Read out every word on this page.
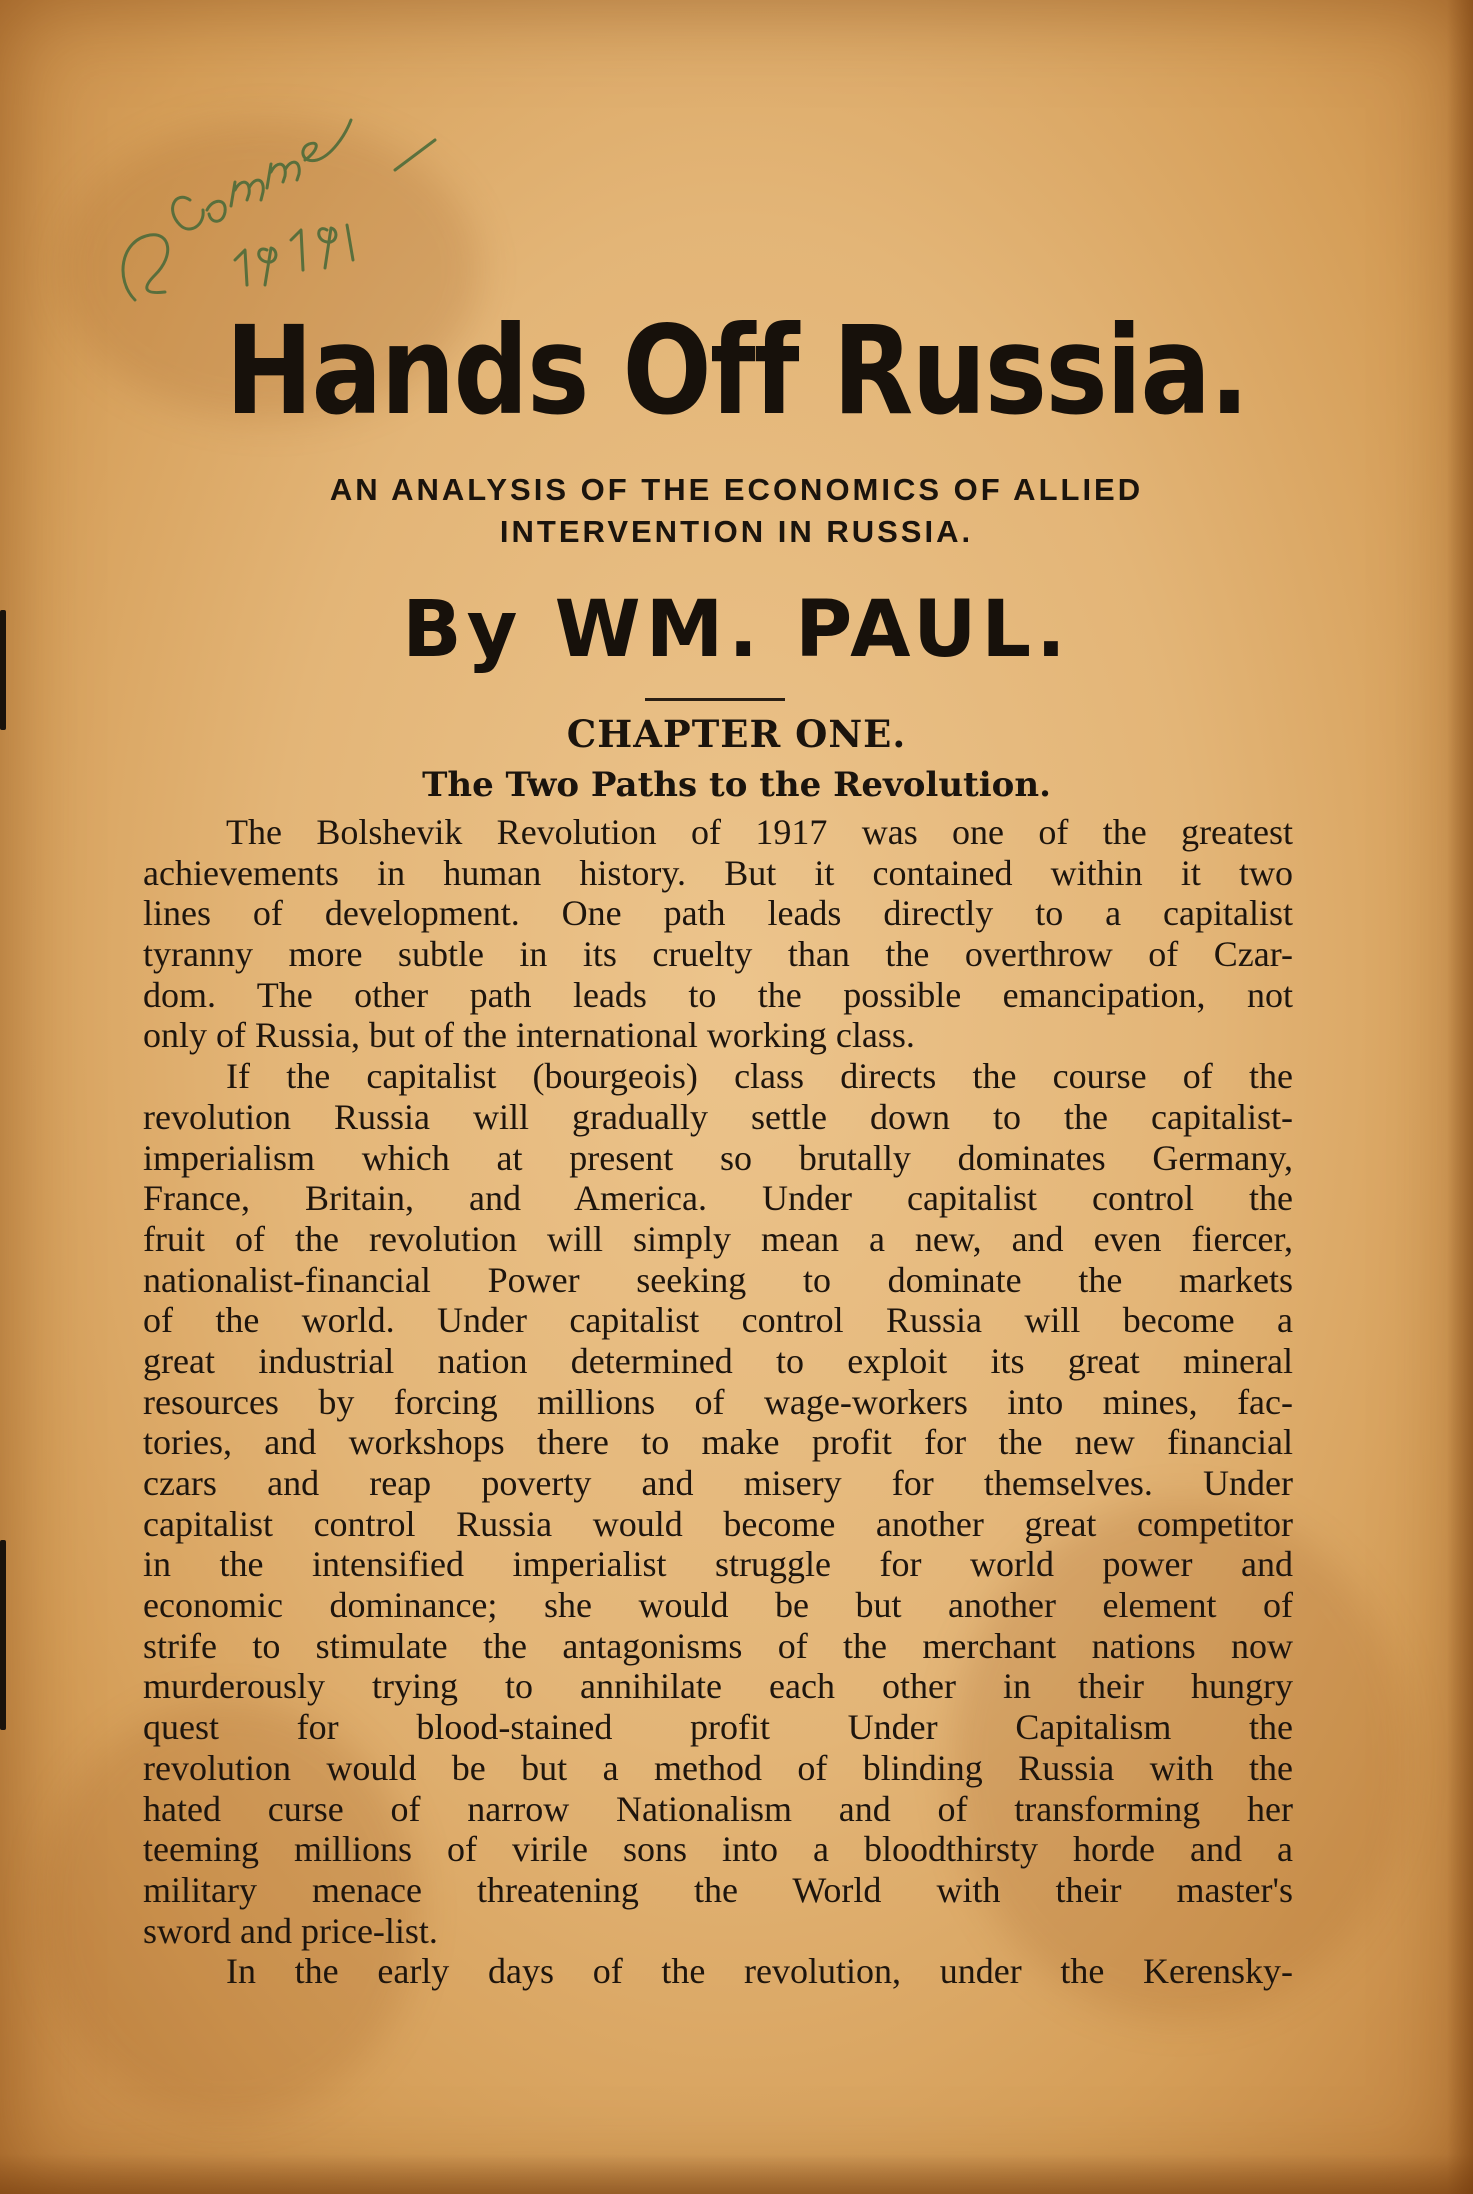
Hands Off Russia.
AN ANALYSIS OF THE ECONOMICS OF ALLIED
INTERVENTION IN RUSSIA.
By WM. PAUL.
CHAPTER ONE.
The Two Paths to the Revolution.
The Bolshevik Revolution of 1917 was one of the greatest
achievements in human history. But it contained within it two
lines of development. One path leads directly to a capitalist
tyranny more subtle in its cruelty than the overthrow of Czar-
dom. The other path leads to the possible emancipation, not
only of Russia, but of the international working class.
If the capitalist (bourgeois) class directs the course of the
revolution Russia will gradually settle down to the capitalist-
imperialism which at present so brutally dominates Germany,
France, Britain, and America. Under capitalist control the
fruit of the revolution will simply mean a new, and even fiercer,
nationalist-financial Power seeking to dominate the markets
of the world. Under capitalist control Russia will become a
great industrial nation determined to exploit its great mineral
resources by forcing millions of wage-workers into mines, fac-
tories, and workshops there to make profit for the new financial
czars and reap poverty and misery for themselves. Under
capitalist control Russia would become another great competitor
in the intensified imperialist struggle for world power and
economic dominance; she would be but another element of
strife to stimulate the antagonisms of the merchant nations now
murderously trying to annihilate each other in their hungry
quest for blood-stained profit Under Capitalism the
revolution would be but a method of blinding Russia with the
hated curse of narrow Nationalism and of transforming her
teeming millions of virile sons into a bloodthirsty horde and a
military menace threatening the World with their master's
sword and price-list.
In the early days of the revolution, under the Kerensky-
